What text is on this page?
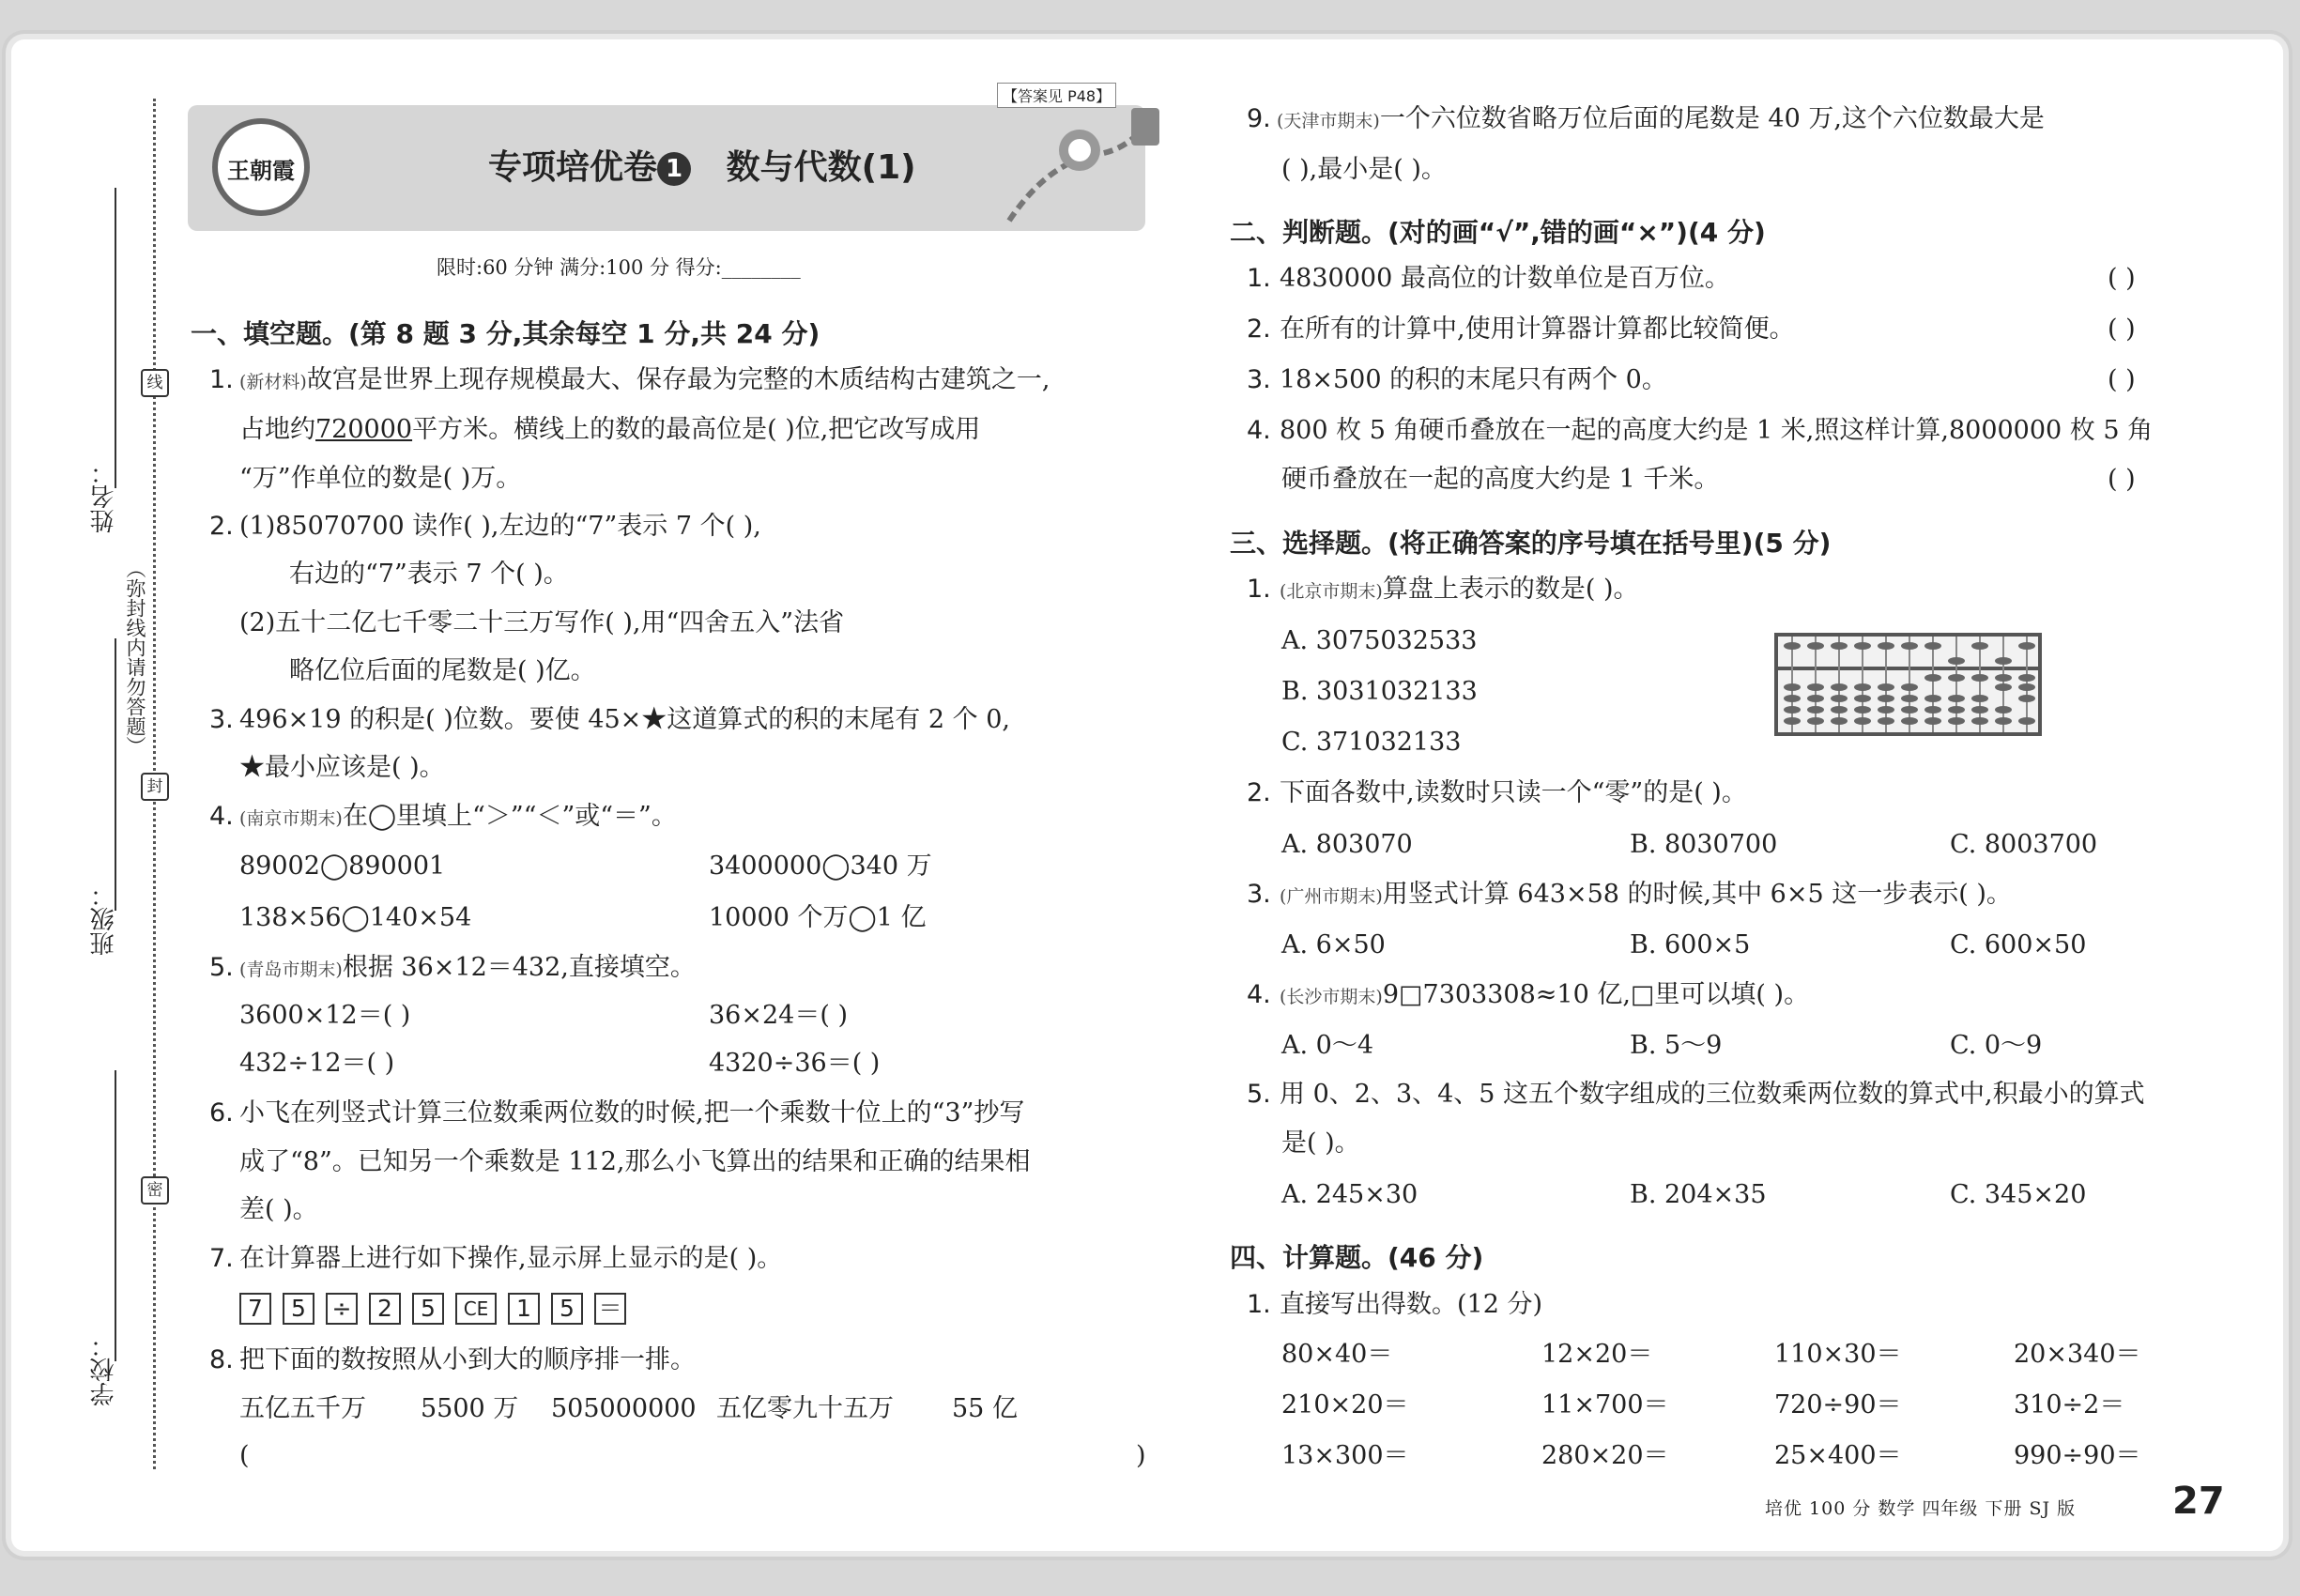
姓名：
班级：
学校：
线
封
密
（弥封线内请勿答题）
王朝霞
【答案见 P48】
专项培优卷 1 数与代数(1)
限时:60 分钟 满分:100 分 得分:________
一、填空题。(第 8 题 3 分,其余每空 1 分,共 24 分)
1. (新材料)故宫是世界上现存规模最大、保存最为完整的木质结构古建筑之一,
占地约720000平方米。横线上的数的最高位是( )位,把它改写成用
“万”作单位的数是( )万。
2. (1)85070700 读作( ),左边的“7”表示 7 个( ),
右边的“7”表示 7 个( )。
(2)五十二亿七千零二十三万写作( ),用“四舍五入”法省
略亿位后面的尾数是( )亿。
3. 496×19 的积是( )位数。要使 45×★这道算式的积的末尾有 2 个 0,
★最小应该是( )。
4. (南京市期末)在◯里填上“＞”“＜”或“＝”。
89002◯890001	3400000◯340 万
138×56◯140×54	10000 个万◯1 亿
5. (青岛市期末)根据 36×12＝432,直接填空。
3600×12＝( )	36×24＝( )
432÷12＝( )	4320÷36＝( )
6. 小飞在列竖式计算三位数乘两位数的时候,把一个乘数十位上的“3”抄写
成了“8”。已知另一个乘数是 112,那么小飞算出的结果和正确的结果相
差( )。
7. 在计算器上进行如下操作,显示屏上显示的是( )。
7	5	÷	2	5	CE	1	5	＝
8. 把下面的数按照从小到大的顺序排一排。
五亿五千万 5500 万 505000000 五亿零九十五万 55 亿
(	)
9. (天津市期末)一个六位数省略万位后面的尾数是 40 万,这个六位数最大是
( ),最小是( )。
二、判断题。(对的画“√”,错的画“×”)(4 分)
1. 4830000 最高位的计数单位是百万位。	( )
2. 在所有的计算中,使用计算器计算都比较简便。	( )
3. 18×500 的积的末尾只有两个 0。	( )
4. 800 枚 5 角硬币叠放在一起的高度大约是 1 米,照这样计算,8000000 枚 5 角
硬币叠放在一起的高度大约是 1 千米。	( )
三、选择题。(将正确答案的序号填在括号里)(5 分)
1. (北京市期末)算盘上表示的数是( )。
A. 3075032533
B. 3031032133
C. 371032133
2. 下面各数中,读数时只读一个“零”的是( )。
A. 803070	B. 8030700	C. 8003700
3. (广州市期末)用竖式计算 643×58 的时候,其中 6×5 这一步表示( )。
A. 6×50	B. 600×5	C. 600×50
4. (长沙市期末)9□7303308≈10 亿,□里可以填( )。
A. 0～4	B. 5～9	C. 0～9
5. 用 0、2、3、4、5 这五个数字组成的三位数乘两位数的算式中,积最小的算式
是( )。
A. 245×30	B. 204×35	C. 345×20
四、计算题。(46 分)
1. 直接写出得数。(12 分)
80×40＝	12×20＝	110×30＝	20×340＝
210×20＝	11×700＝	720÷90＝	310÷2＝
13×300＝	280×20＝	25×400＝	990÷90＝
培优 100 分 数学 四年级 下册 SJ 版	27
